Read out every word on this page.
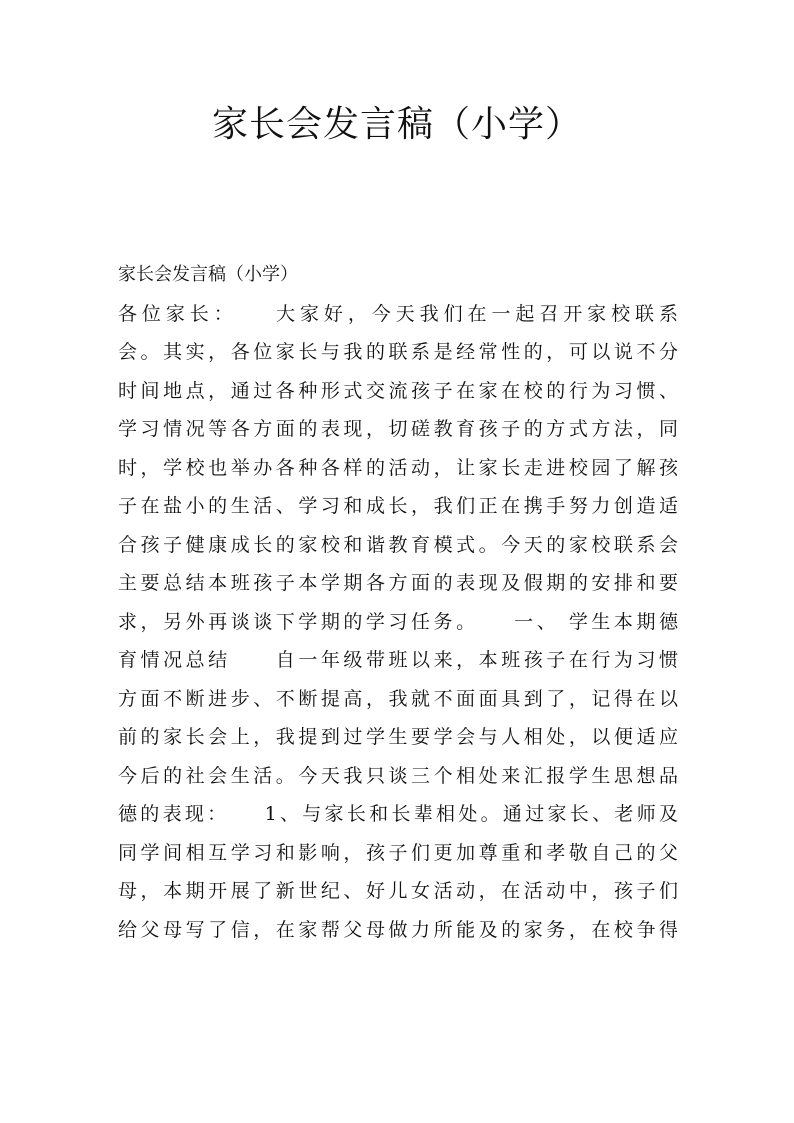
家长会发言稿（小学）
家长会发言稿（小学）
各位家长：　　大家好，今天我们在一起召开家校联系
会。其实，各位家长与我的联系是经常性的，可以说不分
时间地点，通过各种形式交流孩子在家在校的行为习惯、
学习情况等各方面的表现，切磋教育孩子的方式方法，同
时，学校也举办各种各样的活动，让家长走进校园了解孩
子在盐小的生活、学习和成长，我们正在携手努力创造适
合孩子健康成长的家校和谐教育模式。今天的家校联系会
主要总结本班孩子本学期各方面的表现及假期的安排和要
求，另外再谈谈下学期的学习任务。　　一、 学生本期德
育情况总结　　自一年级带班以来，本班孩子在行为习惯
方面不断进步、不断提高，我就不面面具到了，记得在以
前的家长会上，我提到过学生要学会与人相处，以便适应
今后的社会生活。今天我只谈三个相处来汇报学生思想品
德的表现：　　1、与家长和长辈相处。通过家长、老师及
同学间相互学习和影响，孩子们更加尊重和孝敬自己的父
母，本期开展了新世纪、好儿女活动，在活动中，孩子们
给父母写了信，在家帮父母做力所能及的家务，在校争得
